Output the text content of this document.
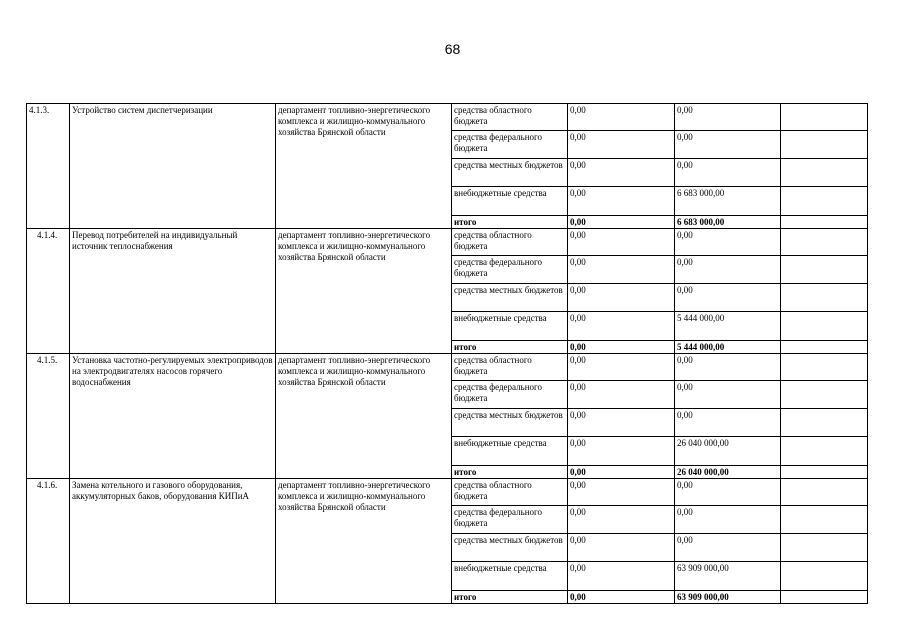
68
4.1.3.	Устройство систем диспетчеризации	департамент топливно-энергетического комплекса и жилищно-коммунального хозяйства Брянской области	средства областного бюджета	0,00	0,00	
			средства федерального бюджета	0,00	0,00	
			средства местных бюджетов	0,00	0,00	
			внебюджетные средства	0,00	6 683 000,00	
			итого	0,00	6 683 000,00	
4.1.4.	Перевод потребителей на индивидуальный источник теплоснабжения	департамент топливно-энергетического комплекса и жилищно-коммунального хозяйства Брянской области	средства областного бюджета	0,00	0,00	
			средства федерального бюджета	0,00	0,00	
			средства местных бюджетов	0,00	0,00	
			внебюджетные средства	0,00	5 444 000,00	
			итого	0,00	5 444 000,00	
4.1.5.	Установка частотно-регулируемых электроприводов на электродвигателях насосов горячего водоснабжения	департамент топливно-энергетического комплекса и жилищно-коммунального хозяйства Брянской области	средства областного бюджета	0,00	0,00	
			средства федерального бюджета	0,00	0,00	
			средства местных бюджетов	0,00	0,00	
			внебюджетные средства	0,00	26 040 000,00	
			итого	0,00	26 040 000,00	
4.1.6.	Замена котельного и газового оборудования, аккумуляторных баков, оборудования КИПиА	департамент топливно-энергетического комплекса и жилищно-коммунального хозяйства Брянской области	средства областного бюджета	0,00	0,00	
			средства федерального бюджета	0,00	0,00	
			средства местных бюджетов	0,00	0,00	
			внебюджетные средства	0,00	63 909 000,00	
			итого	0,00	63 909 000,00	
